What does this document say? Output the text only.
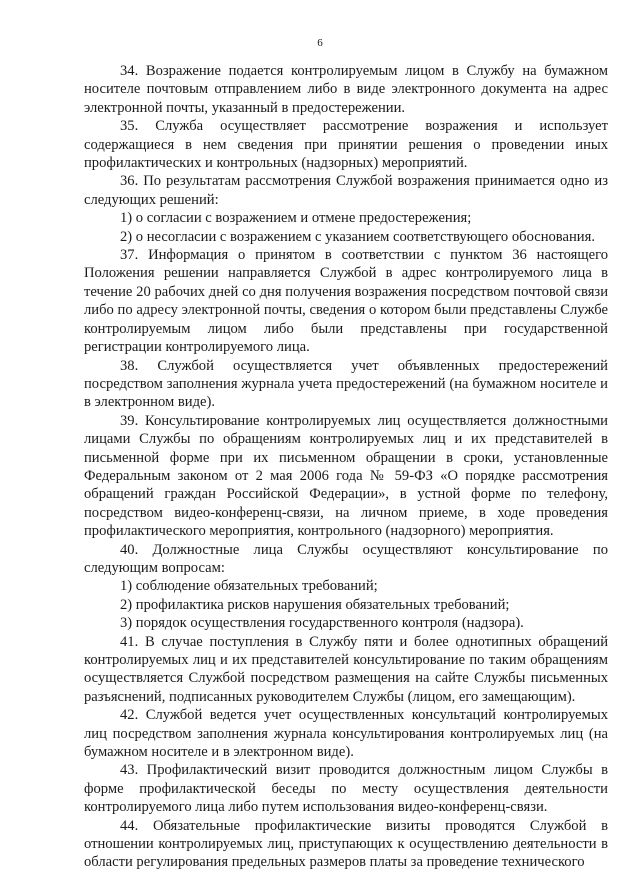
6

34. Возражение подается контролируемым лицом в Службу на бумажном носителе почтовым отправлением либо в виде электронного документа на адрес электронной почты, указанный в предостережении.

35. Служба осуществляет рассмотрение возражения и использует содержащиеся в нем сведения при принятии решения о проведении иных профилактических и контрольных (надзорных) мероприятий.

36. По результатам рассмотрения Службой возражения принимается одно из следующих решений:

1) о согласии с возражением и отмене предостережения;

2) о несогласии с возражением с указанием соответствующего обоснования.

37. Информация о принятом в соответствии с пунктом 36 настоящего Положения решении направляется Службой в адрес контролируемого лица в течение 20 рабочих дней со дня получения возражения посредством почтовой связи либо по адресу электронной почты, сведения о котором были представлены Службе контролируемым лицом либо были представлены при государственной регистрации контролируемого лица.

38. Службой осуществляется учет объявленных предостережений посредством заполнения журнала учета предостережений (на бумажном носителе и в электронном виде).

39. Консультирование контролируемых лиц осуществляется должностными лицами Службы по обращениям контролируемых лиц и их представителей в письменной форме при их письменном обращении в сроки, установленные Федеральным законом от 2 мая 2006 года № 59-ФЗ «О порядке рассмотрения обращений граждан Российской Федерации», в устной форме по телефону, посредством видео-конференц-связи, на личном приеме, в ходе проведения профилактического мероприятия, контрольного (надзорного) мероприятия.

40. Должностные лица Службы осуществляют консультирование по следующим вопросам:

1) соблюдение обязательных требований;

2) профилактика рисков нарушения обязательных требований;

3) порядок осуществления государственного контроля (надзора).

41. В случае поступления в Службу пяти и более однотипных обращений контролируемых лиц и их представителей консультирование по таким обращениям осуществляется Службой посредством размещения на сайте Службы письменных разъяснений, подписанных руководителем Службы (лицом, его замещающим).

42. Службой ведется учет осуществленных консультаций контролируемых лиц посредством заполнения журнала консультирования контролируемых лиц (на бумажном носителе и в электронном виде).

43. Профилактический визит проводится должностным лицом Службы в форме профилактической беседы по месту осуществления деятельности контролируемого лица либо путем использования видео-конференц-связи.

44. Обязательные профилактические визиты проводятся Службой в отношении контролируемых лиц, приступающих к осуществлению деятельности в области регулирования предельных размеров платы за проведение технического
